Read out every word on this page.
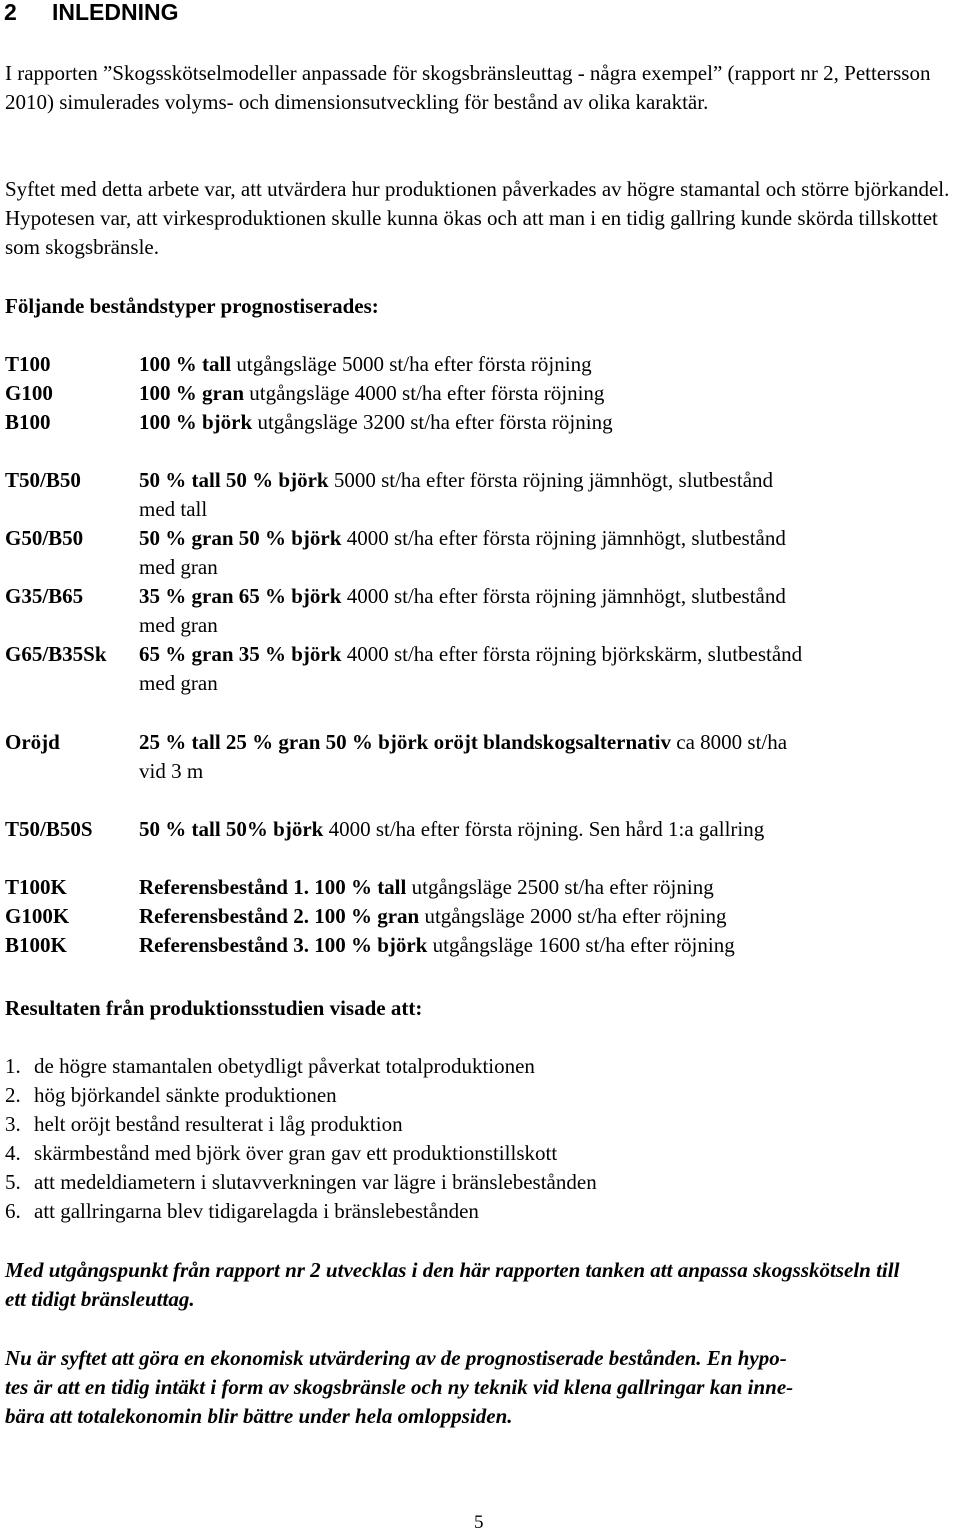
2 INLEDNING

I rapporten ”Skogsskötselmodeller anpassade för skogsbränsleuttag - några exempel” (rapport nr 2, Pettersson 2010) simulerades volyms- och dimensionsutveckling för bestånd av olika karaktär.

Syftet med detta arbete var, att utvärdera hur produktionen påverkades av högre stamantal och större björkandel. Hypotesen var, att virkesproduktionen skulle kunna ökas och att man i en tidig gallring kunde skörda tillskottet som skogsbränsle.

Följande beståndstyper prognostiserades:

T100	100 % tall utgångsläge 5000 st/ha efter första röjning
G100	100 % gran utgångsläge 4000 st/ha efter första röjning
B100	100 % björk utgångsläge 3200 st/ha efter första röjning
T50/B50	50 % tall 50 % björk 5000 st/ha efter första röjning jämnhögt, slutbestånd med tall
G50/B50	50 % gran 50 % björk 4000 st/ha efter första röjning jämnhögt, slutbestånd med gran
G35/B65	35 % gran 65 % björk 4000 st/ha efter första röjning jämnhögt, slutbestånd med gran
G65/B35Sk 65 % gran 35 % björk 4000 st/ha efter första röjning björkskärm, slutbestånd med gran
Oröjd	25 % tall 25 % gran 50 % björk oröjt blandskogsalternativ ca 8000 st/ha vid 3 m
T50/B50S 50 % tall 50% björk 4000 st/ha efter första röjning. Sen hård 1:a gallring
T100K	Referensbestånd 1. 100 % tall utgångsläge 2500 st/ha efter röjning
G100K	Referensbestånd 2. 100 % gran utgångsläge 2000 st/ha efter röjning
B100K	Referensbestånd 3. 100 % björk utgångsläge 1600 st/ha efter röjning

Resultaten från produktionsstudien visade att:

1. de högre stamantalen obetydligt påverkat totalproduktionen
2. hög björkandel sänkte produktionen
3. helt oröjt bestånd resulterat i låg produktion
4. skärmbestånd med björk över gran gav ett produktionstillskott
5. att medeldiametern i slutavverkningen var lägre i bränslebestånden
6. att gallringarna blev tidigarelagda i bränslebestånden

Med utgångspunkt från rapport nr 2 utvecklas i den här rapporten tanken att anpassa skogsskötseln till ett tidigt bränsleuttag.

Nu är syftet att göra en ekonomisk utvärdering av de prognostiserade bestånden. En hypo-
tes är att en tidig intäkt i form av skogsbränsle och ny teknik vid klena gallringar kan inne-
bära att totalekonomin blir bättre under hela omloppsiden.
5
